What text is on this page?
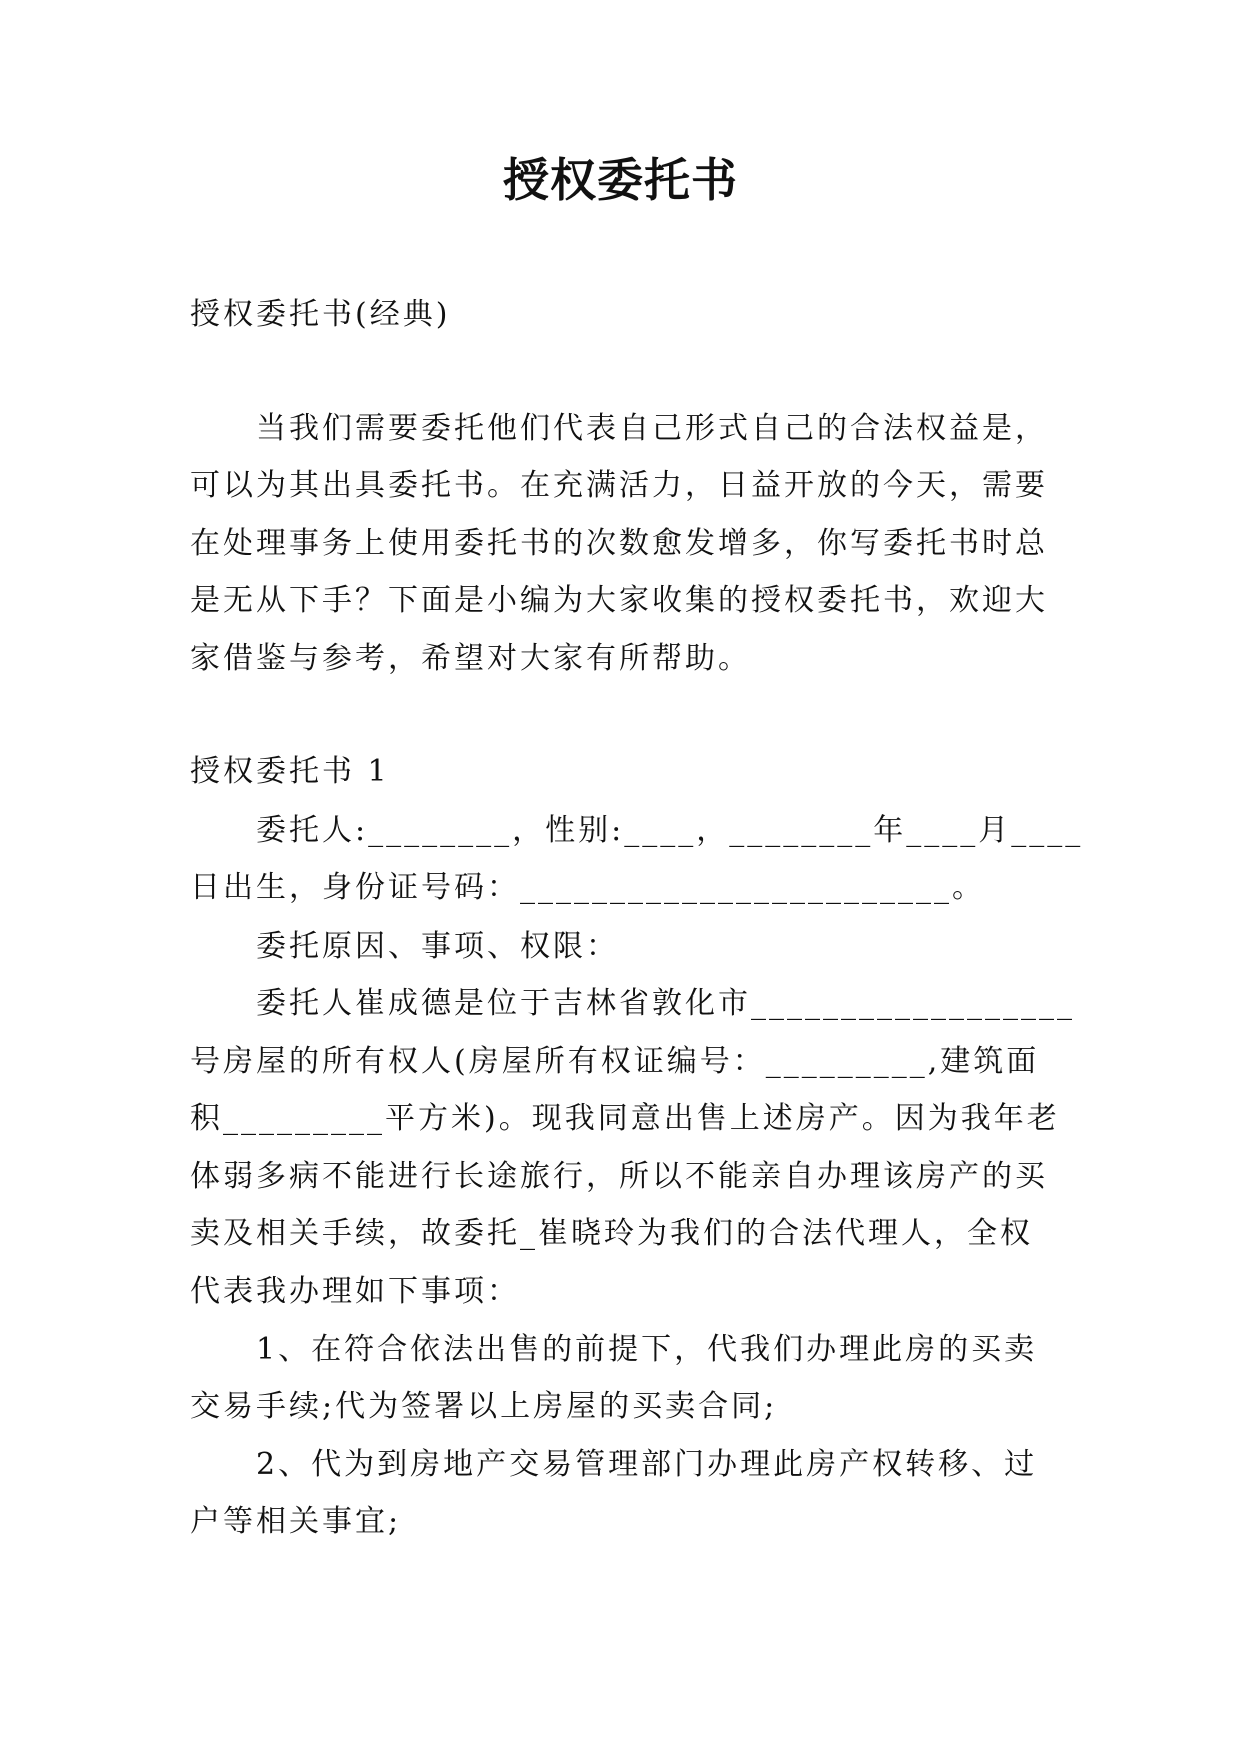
授权委托书
授权委托书(经典)
当我们需要委托他们代表自己形式自己的合法权益是，
可以为其出具委托书。在充满活力，日益开放的今天，需要
在处理事务上使用委托书的次数愈发增多，你写委托书时总
是无从下手？下面是小编为大家收集的授权委托书，欢迎大
家借鉴与参考，希望对大家有所帮助。
授权委托书 1
委托人:________，性别:____，________年____月____
日出生，身份证号码：________________________。
委托原因、事项、权限：
委托人崔成德是位于吉林省敦化市__________________
号房屋的所有权人(房屋所有权证编号：_________,建筑面
积_________平方米)。现我同意出售上述房产。因为我年老
体弱多病不能进行长途旅行，所以不能亲自办理该房产的买
卖及相关手续，故委托_崔晓玲为我们的合法代理人，全权
代表我办理如下事项：
1、在符合依法出售的前提下，代我们办理此房的买卖
交易手续;代为签署以上房屋的买卖合同;
2、代为到房地产交易管理部门办理此房产权转移、过
户等相关事宜;
